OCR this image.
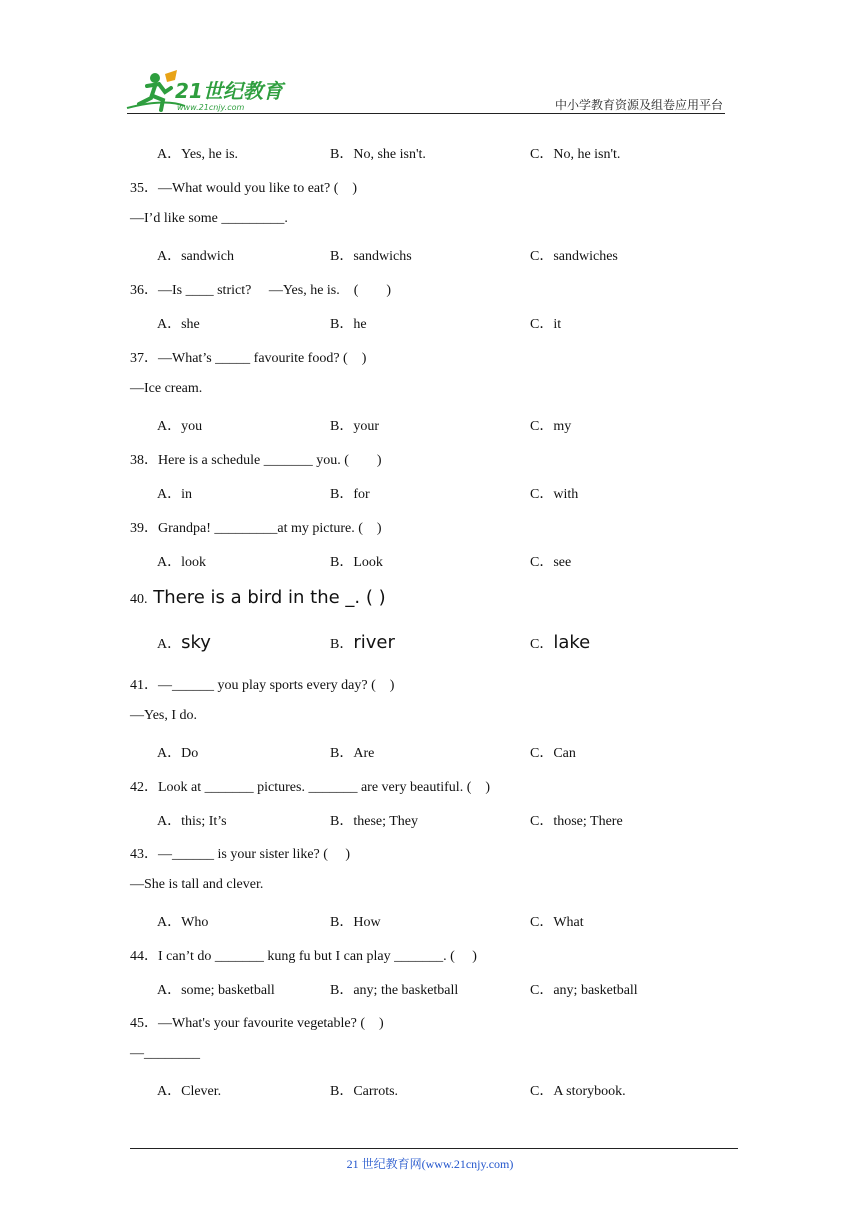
21世纪教育
www.21cnjy.com	中小学教育资源及组卷应用平台
A．Yes, he is.	B．No, she isn't.	C．No, he isn't.
35．—What would you like to eat? (　)
—I’d like some _________.
A．sandwich	B．sandwichs	C．sandwiches
36．—Is ____ strict?　 —Yes, he is.　(　　)
A．she	B．he	C．it
37．—What’s _____ favourite food? (　)
—Ice cream.
A．you	B．your	C．my
38．Here is a schedule _______ you. (　　)
A．in	B．for	C．with
39．Grandpa! _________at my picture. (　)
A．look	B．Look	C．see
41．—______ you play sports every day? (　)
—Yes, I do.
A．Do	B．Are	C．Can
42．Look at _______ pictures. _______ are very beautiful. (　)
A．this; It’s	B．these; They	C．those; There
43．—______ is your sister like? (　 )
—She is tall and clever.
A．Who	B．How	C．What
44．I can’t do _______ kung fu but I can play _______. (　 )
A．some; basketball	B．any; the basketball	C．any; basketball
45．—What's your favourite vegetable? (　)
—________
A．Clever.	B．Carrots.	C．A storybook.
40. There is a bird in the _. ( )
A．sky	B．river	C．lake
21 世纪教育网(www.21cnjy.com)
